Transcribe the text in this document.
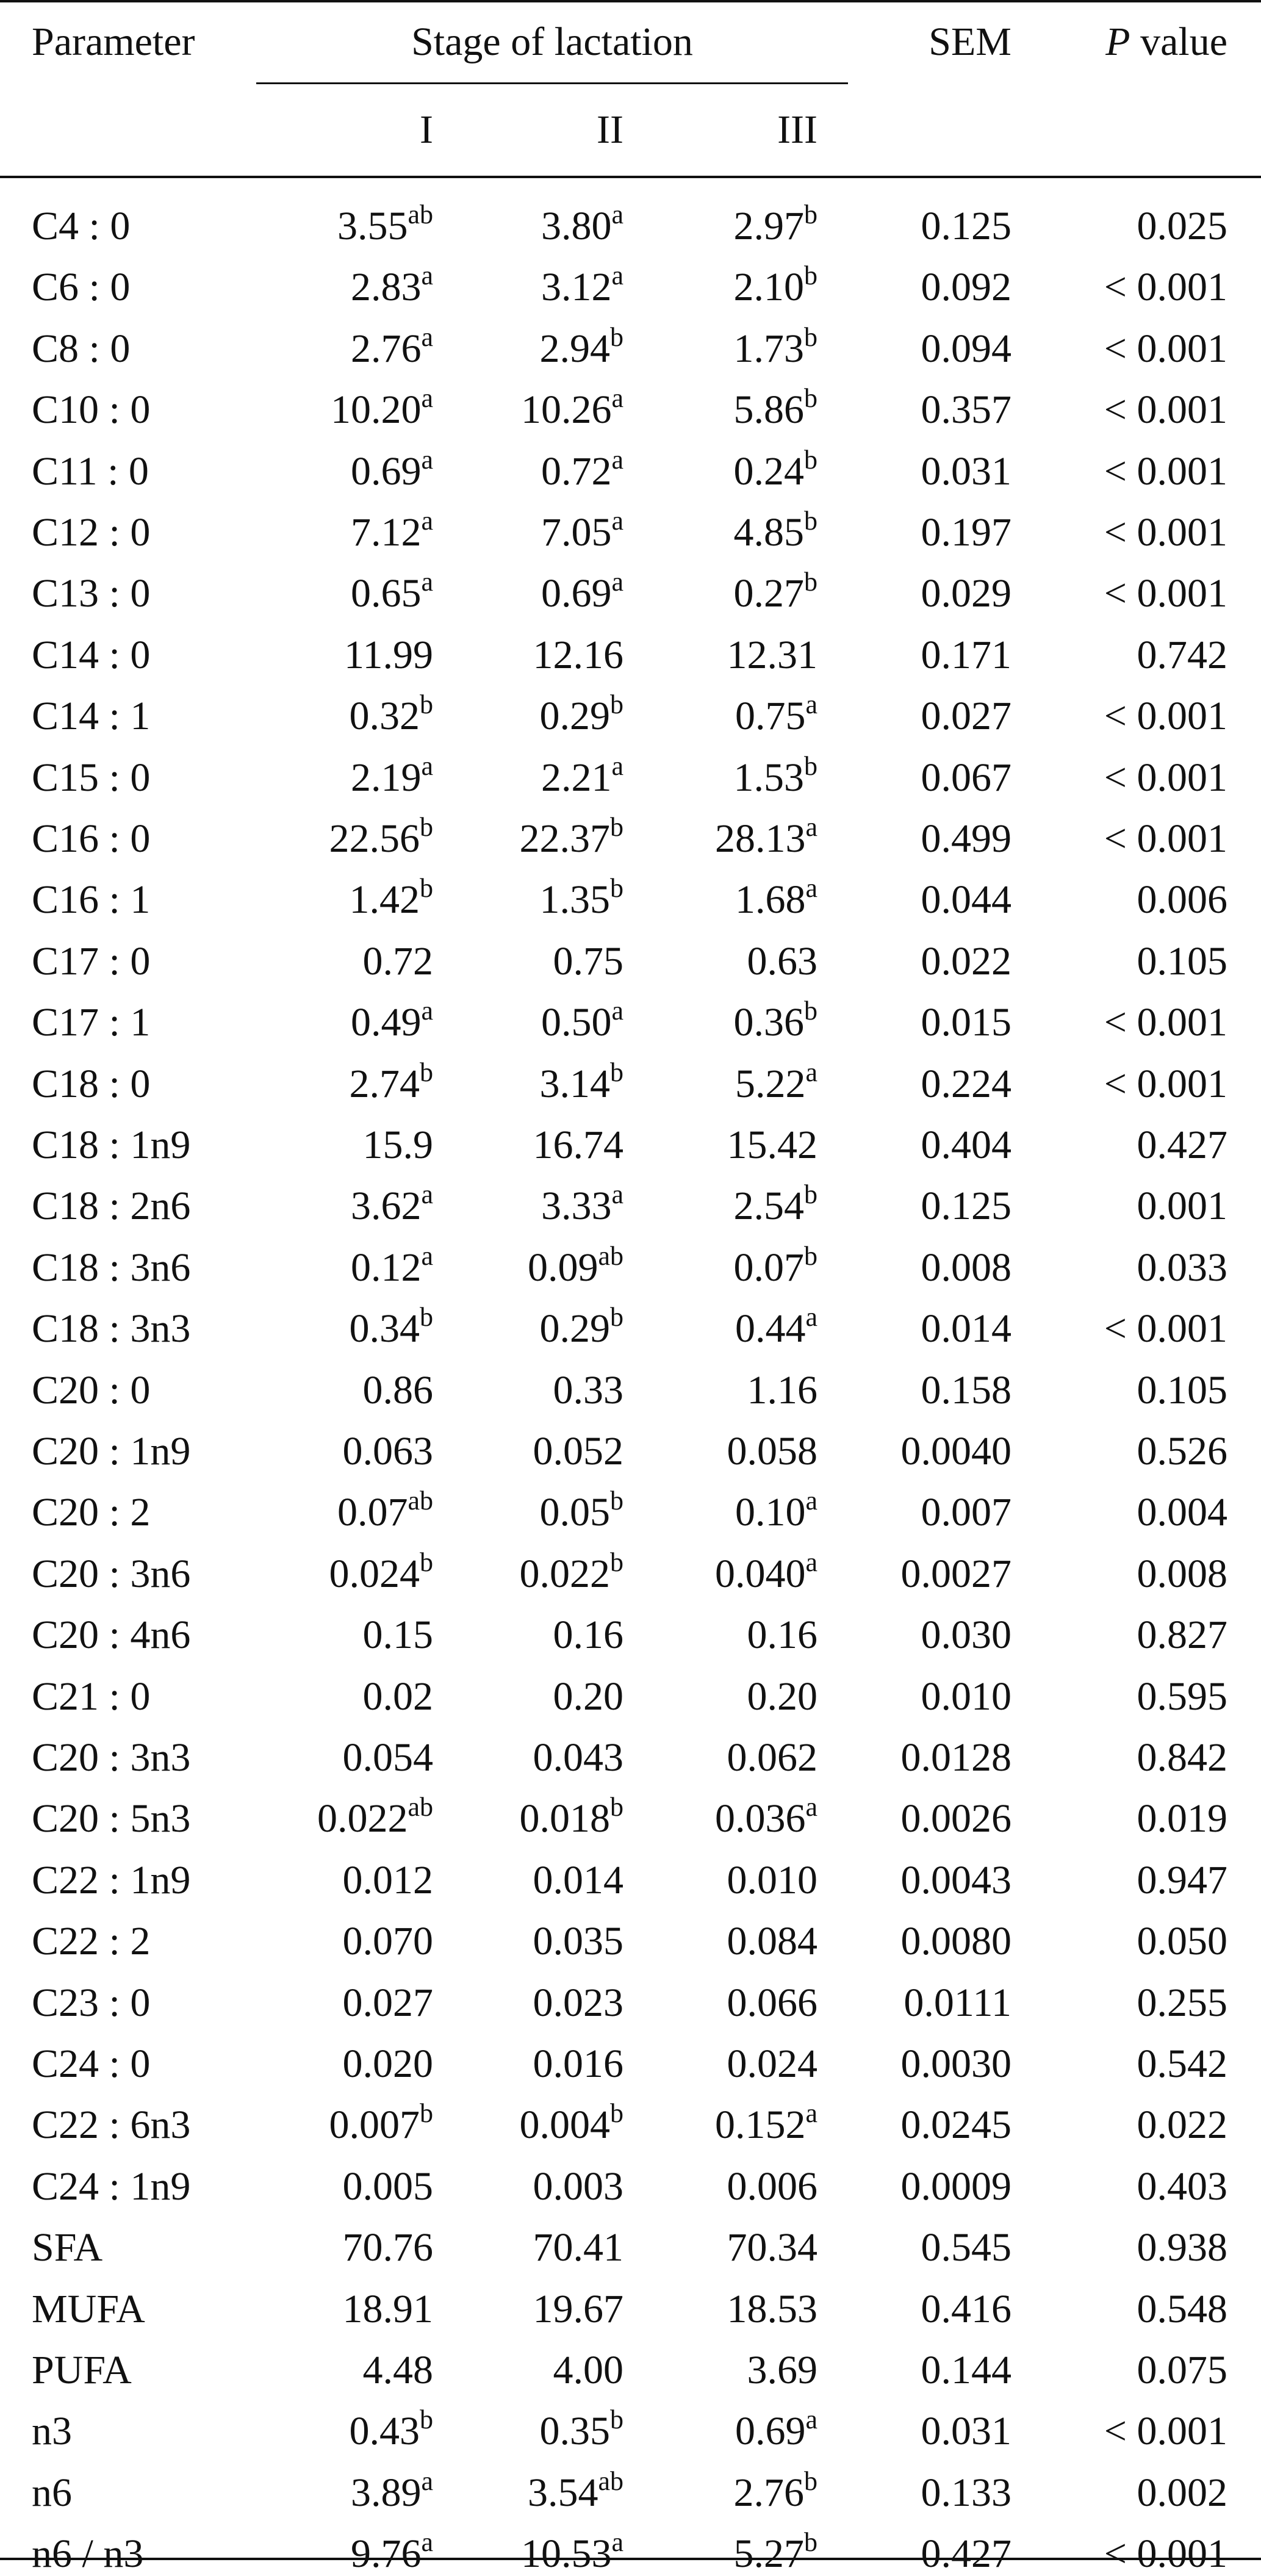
Parameter	Stage of lactation	SEM	P value
I	II	III
C4 : 0	3.55$^{ab}$	3.80$^a$	2.97$^b$	0.125	0.025
C6 : 0	2.83$^a$	3.12$^a$	2.10$^b$	0.092	< 0.001
C8 : 0	2.76$^a$	2.94$^b$	1.73$^b$	0.094	< 0.001
C10 : 0	10.20$^a$	10.26$^a$	5.86$^b$	0.357	< 0.001
C11 : 0	0.69$^a$	0.72$^a$	0.24$^b$	0.031	< 0.001
C12 : 0	7.12$^a$	7.05$^a$	4.85$^b$	0.197	< 0.001
C13 : 0	0.65$^a$	0.69$^a$	0.27$^b$	0.029	< 0.001
C14 : 0	11.99	12.16	12.31	0.171	0.742
C14 : 1	0.32$^b$	0.29$^b$	0.75$^a$	0.027	< 0.001
C15 : 0	2.19$^a$	2.21$^a$	1.53$^b$	0.067	< 0.001
C16 : 0	22.56$^b$	22.37$^b$	28.13$^a$	0.499	< 0.001
C16 : 1	1.42$^b$	1.35$^b$	1.68$^a$	0.044	0.006
C17 : 0	0.72	0.75	0.63	0.022	0.105
C17 : 1	0.49$^a$	0.50$^a$	0.36$^b$	0.015	< 0.001
C18 : 0	2.74$^b$	3.14$^b$	5.22$^a$	0.224	< 0.001
C18 : 1n9	15.9	16.74	15.42	0.404	0.427
C18 : 2n6	3.62$^a$	3.33$^a$	2.54$^b$	0.125	0.001
C18 : 3n6	0.12$^a$	0.09$^{ab}$	0.07$^b$	0.008	0.033
C18 : 3n3	0.34$^b$	0.29$^b$	0.44$^a$	0.014	< 0.001
C20 : 0	0.86	0.33	1.16	0.158	0.105
C20 : 1n9	0.063	0.052	0.058	0.0040	0.526
C20 : 2	0.07$^{ab}$	0.05$^b$	0.10$^a$	0.007	0.004
C20 : 3n6	0.024$^b$	0.022$^b$	0.040$^a$	0.0027	0.008
C20 : 4n6	0.15	0.16	0.16	0.030	0.827
C21 : 0	0.02	0.20	0.20	0.010	0.595
C20 : 3n3	0.054	0.043	0.062	0.0128	0.842
C20 : 5n3	0.022$^{ab}$	0.018$^b$	0.036$^a$	0.0026	0.019
C22 : 1n9	0.012	0.014	0.010	0.0043	0.947
C22 : 2	0.070	0.035	0.084	0.0080	0.050
C23 : 0	0.027	0.023	0.066	0.0111	0.255
C24 : 0	0.020	0.016	0.024	0.0030	0.542
C22 : 6n3	0.007$^b$	0.004$^b$	0.152$^a$	0.0245	0.022
C24 : 1n9	0.005	0.003	0.006	0.0009	0.403
SFA	70.76	70.41	70.34	0.545	0.938
MUFA	18.91	19.67	18.53	0.416	0.548
PUFA	4.48	4.00	3.69	0.144	0.075
n3	0.43$^b$	0.35$^b$	0.69$^a$	0.031	< 0.001
n6	3.89$^a$	3.54$^{ab}$	2.76$^b$	0.133	0.002
n6 / n3	9.76$^a$	10.53$^a$	5.27$^b$	0.427	< 0.001
